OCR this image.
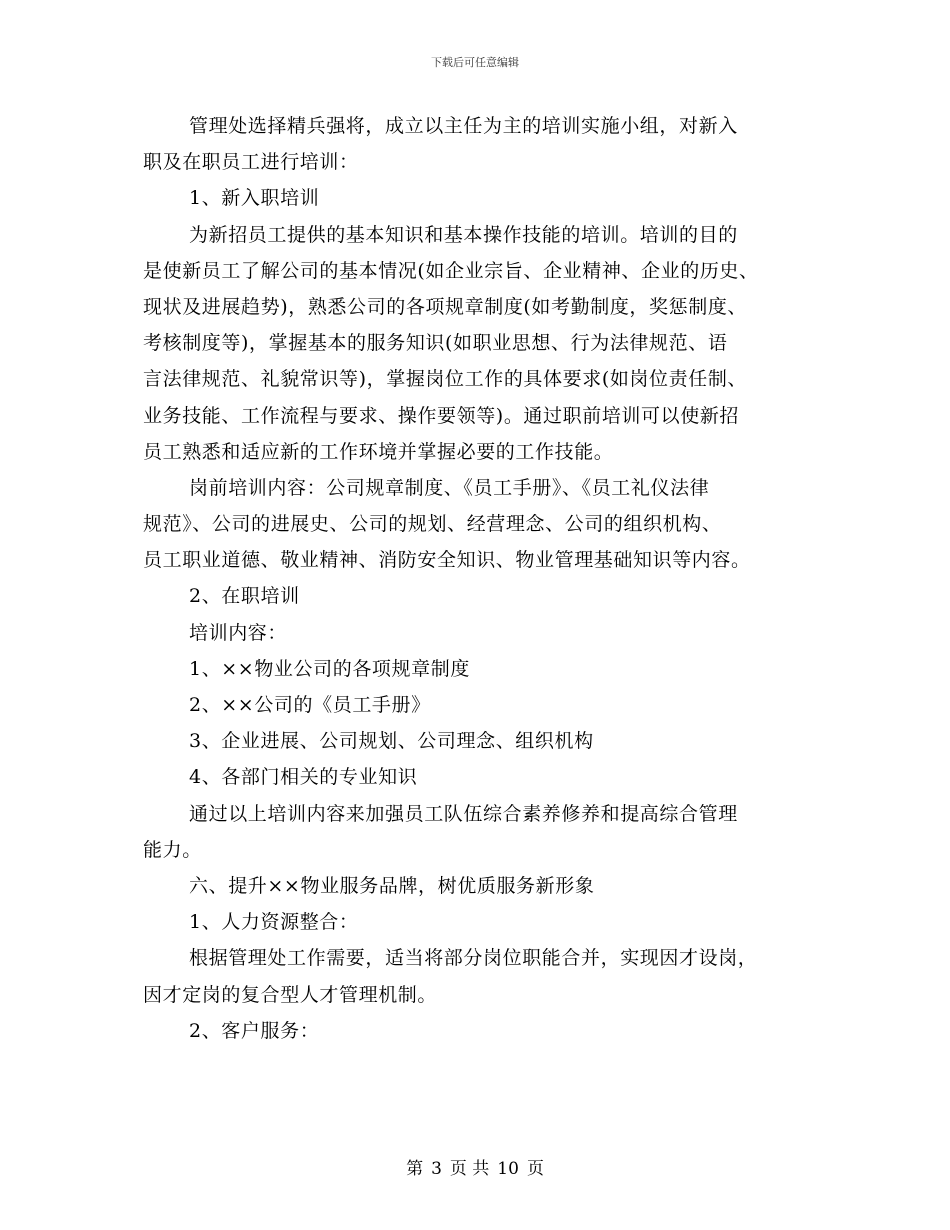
下载后可任意编辑
管理处选择精兵强将，成立以主任为主的培训实施小组，对新入
职及在职员工进行培训：
1、新入职培训
为新招员工提供的基本知识和基本操作技能的培训。培训的目的
是使新员工了解公司的基本情况(如企业宗旨、企业精神、企业的历史、
现状及进展趋势)，熟悉公司的各项规章制度(如考勤制度，奖惩制度、
考核制度等)，掌握基本的服务知识(如职业思想、行为法律规范、语
言法律规范、礼貌常识等)，掌握岗位工作的具体要求(如岗位责任制、
业务技能、工作流程与要求、操作要领等)。通过职前培训可以使新招
员工熟悉和适应新的工作环境并掌握必要的工作技能。
岗前培训内容：公司规章制度、《员工手册》、《员工礼仪法律
规范》、公司的进展史、公司的规划、经营理念、公司的组织机构、
员工职业道德、敬业精神、消防安全知识、物业管理基础知识等内容。
2、在职培训
培训内容：
1、××物业公司的各项规章制度
2、××公司的《员工手册》
3、企业进展、公司规划、公司理念、组织机构
4、各部门相关的专业知识
通过以上培训内容来加强员工队伍综合素养修养和提高综合管理
能力。
六、提升××物业服务品牌，树优质服务新形象
1、人力资源整合：
根据管理处工作需要，适当将部分岗位职能合并，实现因才设岗，
因才定岗的复合型人才管理机制。
2、客户服务：
第 3 页 共 10 页
